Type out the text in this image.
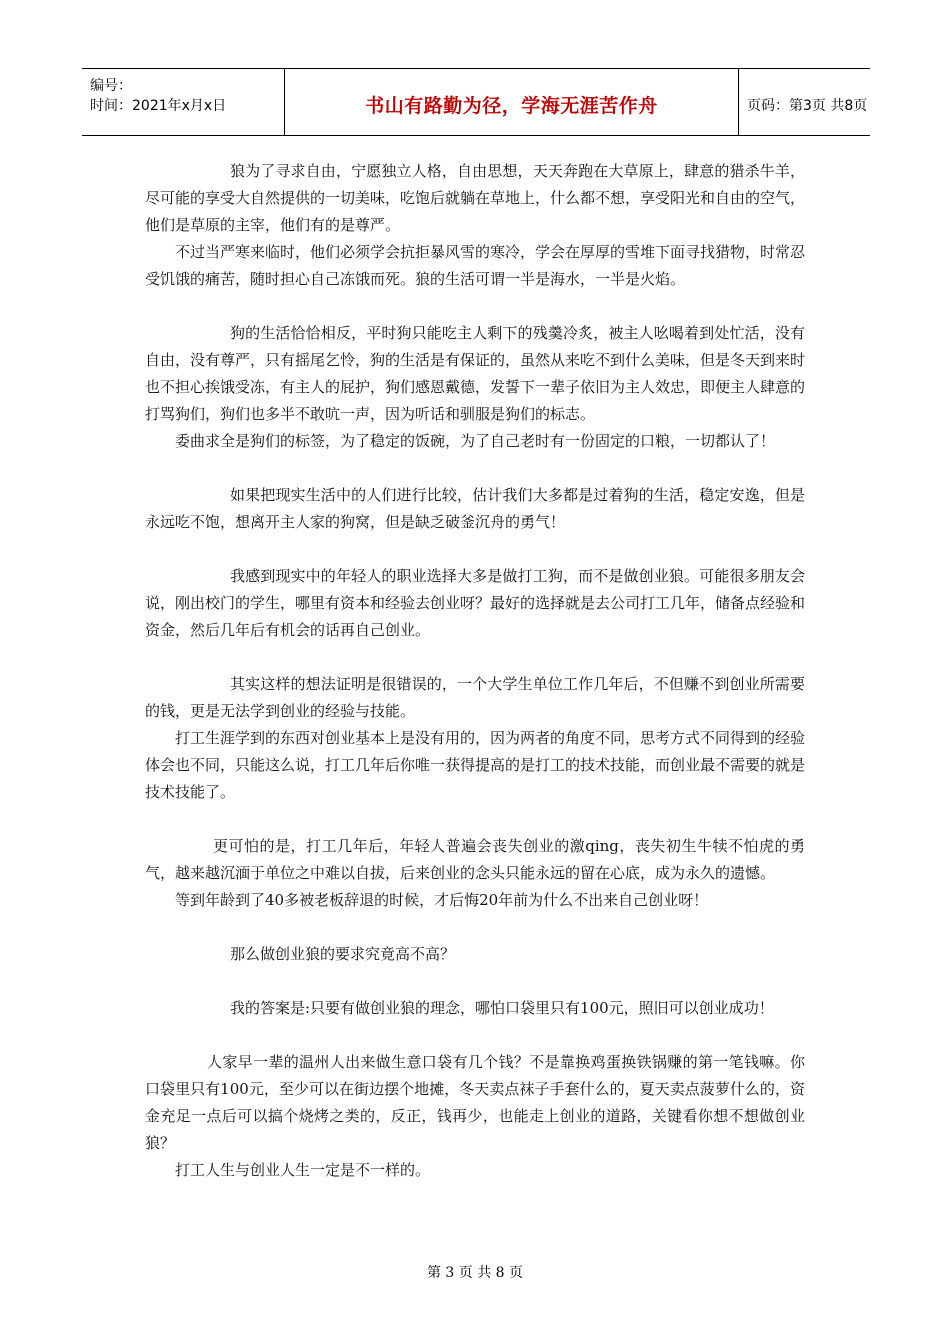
编号：
时间：2021年x月x日	书山有路勤为径，学海无涯苦作舟	页码：第3页 共8页

狼为了寻求自由，宁愿独立人格，自由思想，天天奔跑在大草原上，肆意的猎杀牛羊，尽可能的享受大自然提供的一切美味，吃饱后就躺在草地上，什么都不想，享受阳光和自由的空气，他们是草原的主宰，他们有的是尊严。

不过当严寒来临时，他们必须学会抗拒暴风雪的寒冷，学会在厚厚的雪堆下面寻找猎物，时常忍受饥饿的痛苦，随时担心自己冻饿而死。狼的生活可谓一半是海水，一半是火焰。

狗的生活恰恰相反，平时狗只能吃主人剩下的残羹冷炙，被主人吆喝着到处忙活，没有自由，没有尊严，只有摇尾乞怜，狗的生活是有保证的，虽然从来吃不到什么美味，但是冬天到来时也不担心挨饿受冻，有主人的屁护，狗们感恩戴德，发誓下一辈子依旧为主人效忠，即便主人肆意的打骂狗们，狗们也多半不敢吭一声，因为听话和驯服是狗们的标志。

委曲求全是狗们的标签，为了稳定的饭碗，为了自己老时有一份固定的口粮，一切都认了！

如果把现实生活中的人们进行比较，估计我们大多都是过着狗的生活，稳定安逸，但是永远吃不饱，想离开主人家的狗窝，但是缺乏破釜沉舟的勇气！

我感到现实中的年轻人的职业选择大多是做打工狗，而不是做创业狼。可能很多朋友会说，刚出校门的学生，哪里有资本和经验去创业呀？最好的选择就是去公司打工几年，储备点经验和资金，然后几年后有机会的话再自己创业。

其实这样的想法证明是很错误的，一个大学生单位工作几年后，不但赚不到创业所需要的钱，更是无法学到创业的经验与技能。

打工生涯学到的东西对创业基本上是没有用的，因为两者的角度不同，思考方式不同得到的经验体会也不同，只能这么说，打工几年后你唯一获得提高的是打工的技术技能，而创业最不需要的就是技术技能了。

更可怕的是，打工几年后，年轻人普遍会丧失创业的激qing，丧失初生牛犊不怕虎的勇气，越来越沉湎于单位之中难以自拔，后来创业的念头只能永远的留在心底，成为永久的遗憾。

等到年龄到了40多被老板辞退的时候，才后悔20年前为什么不出来自己创业呀！

那么做创业狼的要求究竟高不高？

我的答案是:只要有做创业狼的理念，哪怕口袋里只有100元，照旧可以创业成功！

人家早一辈的温州人出来做生意口袋有几个钱？不是靠换鸡蛋换铁锅赚的第一笔钱嘛。你口袋里只有100元，至少可以在街边摆个地摊，冬天卖点袜子手套什么的，夏天卖点菠萝什么的，资金充足一点后可以搞个烧烤之类的，反正，钱再少，也能走上创业的道路，关键看你想不想做创业狼？

打工人生与创业人生一定是不一样的。

第 3 页 共 8 页
